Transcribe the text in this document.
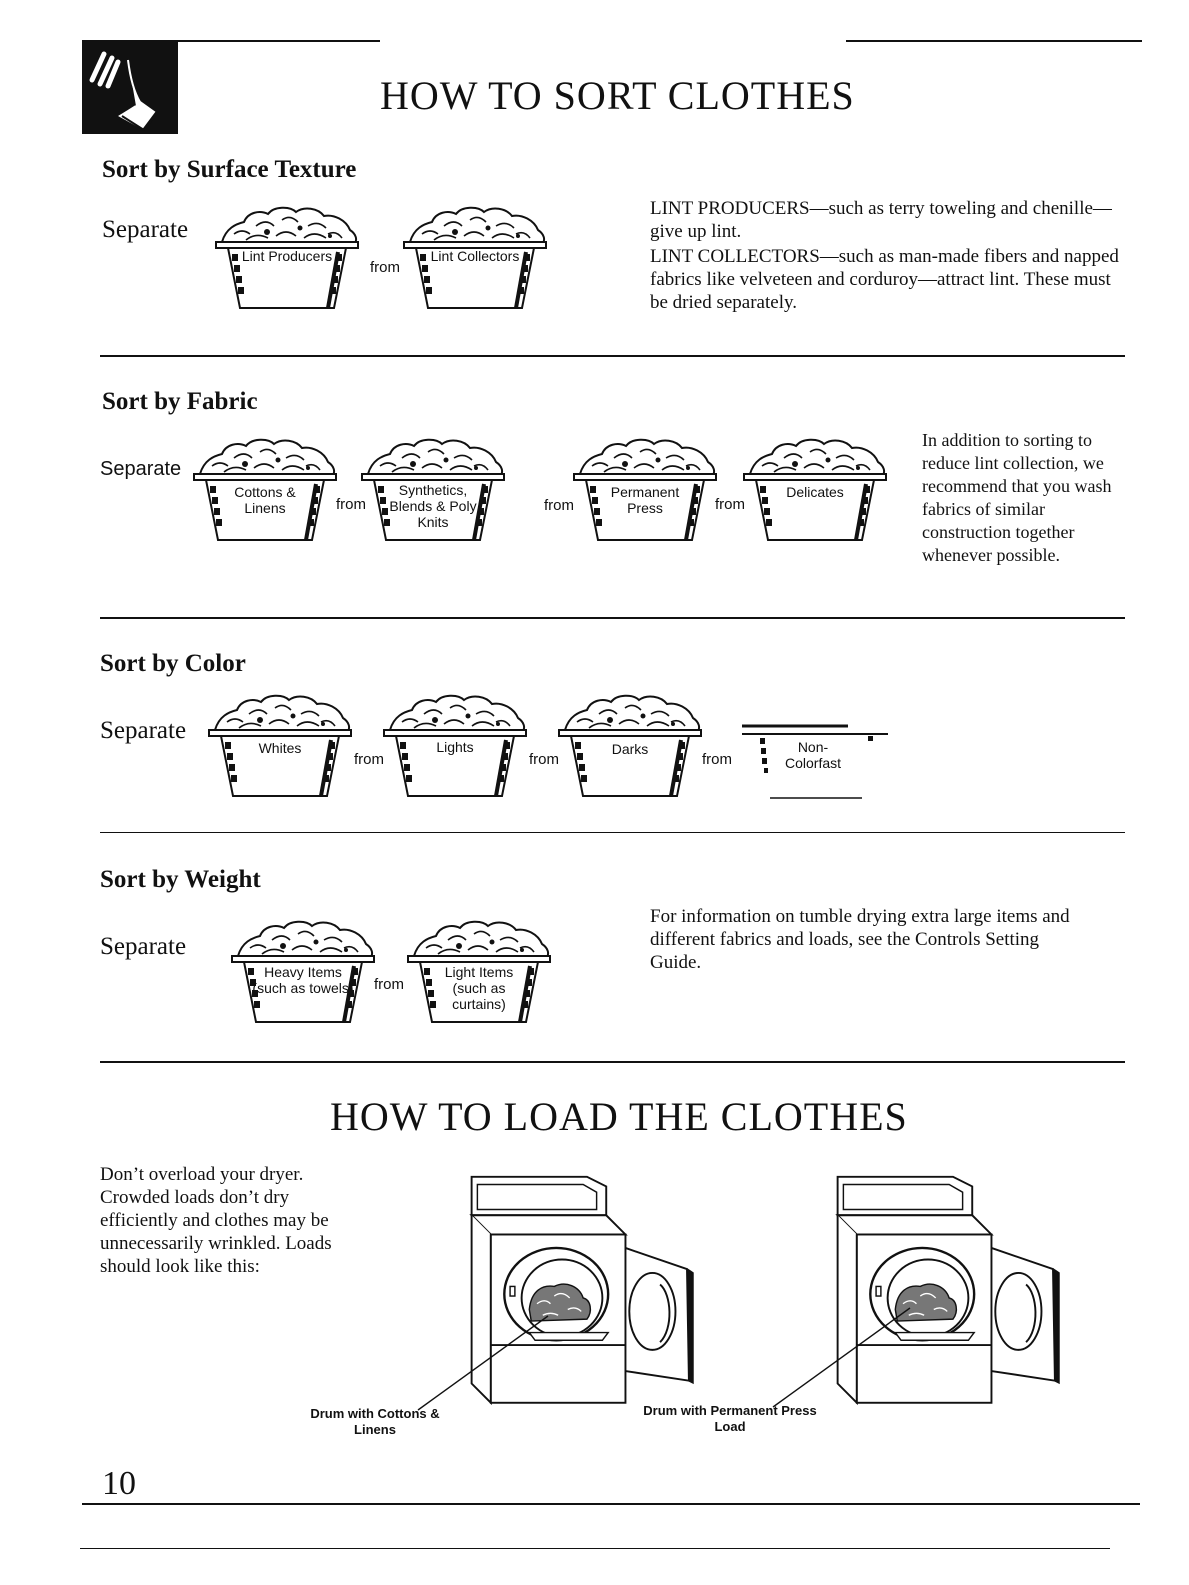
HOW TO SORT CLOTHES
Sort by Surface Texture
Separate
Lint Producers
from
Lint Collectors

LINT PRODUCERS—such as terry toweling and chenille—give up lint.

LINT COLLECTORS—such as man-made fibers and napped fabrics like velveteen and corduroy—attract lint. These must be dried separately.

Sort by Fabric
Separate
Cottons & Linens	from
Synthetics, Blends & Poly Knits
from
Permanent Press	from
Delicates
In addition to sorting to reduce lint collection, we recommend that you wash fabrics of similar construction together whenever possible.
Sort by Color
Separate
Whites
from
Lights
from
Darks
from
Non-Colorfast
Sort by Weight
Separate
Heavy Items (such as towels) from
Light Items (such as curtains)
For information on tumble drying extra large items and different fabrics and loads, see the Controls Setting Guide.
HOW TO LOAD THE CLOTHES
Don’t overload your dryer. Crowded loads don’t dry efficiently and clothes may be unnecessarily wrinkled. Loads should look like this:
Drum with Cottons & Linens
Drum with Permanent Press Load
10
